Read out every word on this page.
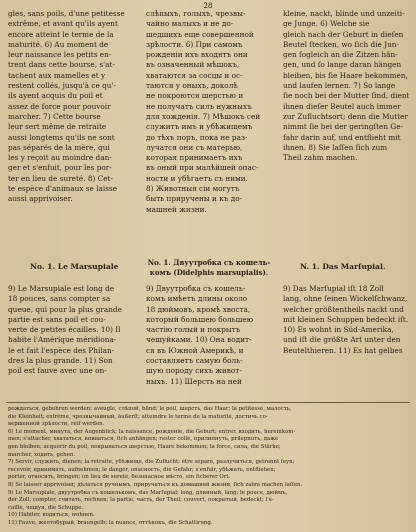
28
gles, sans poils, d'une petitesse
extrême, et avant qu'ils ayent
encore atteint le terme de la
maturité. 6) Au moment de
leur naissance les petits en-
trent dans cette bourse, s'at-
tachent aux mamelles et y
restent collés, jusqu'à ce qu'-
ils ayent acquis du poil et
assez de force pour pouvoir
marcher. 7) Cette bourse
leur sert même de retraite
aussi longtems qu'ils ne sont
pas séparés de la mère, qui
les y reçoit au moindre dan-
ger et s'enfuit, pour les por-
ter en lieu de sureté. 8) Cet-
te espèce d'animaux se laisse
aussi apprivoiser.
слѣпыхъ, голыхъ, чрезвы-
чайно малыхъ и не до-
шедшихъ еще совершенной
зрѣлости. 6) При самомъ
рожденіи ихъ входятъ они
въ означенный мѣшокъ,
хватаются за сосцы и ос-
таются у оныхъ, доколѣ
не покроются шерстью и
не получатъ силъ нужныхъ
для хожденія. 7) Мѣшокъ сей
служитъ имъ и убѣжищемъ
до тѣхъ поръ, пока не раз-
лучатся они съ матерью,
которая принимаетъ ихъ
въ оный при малѣйшей опас-
ности и убѣгаетъ съ ними.
8) Животныя сіи могутъ
быть приручены и къ до-
машней жизни.
kleine, nackt, blinde und unzeiti-
ge Junge. 6) Welche sie
gleich nach der Geburt in dieſen
Beutel ſtecken, wo ſich die Jun-
gen ſogleich an die Zitzen hän-
gen, und ſo lange daran hängen
bleiben, bis ſie Haare bekommen,
und laufen lernen. 7) So lange
ſie noch bei der Mutter ſind, dient
ihnen dieſer Beutel auch immer
zur Zufluchtsort; denn die Mutter
nimmt ſie bei der geringſten Ge-
fahr darin auf, und entflieht mit
ihnen. 8) Sie laſſen ſich zum
Theil zahm machen.
No. 1. Le Marsupiale	No. 1. Двуутробка съ кошель-комъ (Didelphis marsupialis).
N. 1. Das Marſupial.
9) Le Marsupiale est long de
18 pouces, sans compter sa
queue, qui pour la plus grande
partie est sans poil et cou-
verte de petites écailles. 10) Il
habite l'Amérique méridiona-
le et fait l'espèce des Philan-
dres la plus grande. 11) Son
poil est fauve avec une on-
9) Двуутробка съ кошель-
комъ имѣетъ длины около
18 дюймовъ, кромѣ хвоста,
который большею большею
частію голый и покрытъ
чешуйками. 10) Она водит-
ся въ Южной Америкѣ, и
составляетъ самую боль-
шую породу сихъ живот-
ныхъ. 11) Шерсть на ней
9) Das Marſupial iſt 18 Zoll
lang, ohne ſeinen Wickelſchwanz,
welcher größtentheils nackt und
mit kleinen Schuppen bedeckt iſt.
10) Es wohnt in Süd-Amerika,
und iſt die größte Art unter den
Beutelthieren. 11) Es hat gelbes
рождаться, gebohren werden; aveugle, слѣпой, blind; le poil, шерсть, das Haar; la petitesse, малость,
die Kleinheit; extrême, чрезвычайный, äußerſt; atteindre le terme de la maturité, достичь со-
вершенной зрѣлости, reif werden.
6) Le moment, минута, der Augenblick; la naissance, рожденіе, die Geburt; entrer, входить, hereinkom-
men; s'attacher, хвататься, впиваться, ſich anhängen; rester collé, прилипнуть, prilepnuть, даже
gen bleiben; acquérir du poil, покрываться шерстью, Haare bekommen; la force, сила, die Stärke;
marcher, ходить, gehen.
7) Servir, служить, dienen; la retraite, убѣжище, die Zuflucht; être séparé, разлучиться, getrennt ſeyn;
recevoir, принимать, aufnehmen; le danger, опасность, die Gefahr; s'enfuir, убѣжать, entfliehen;
porter, относить, bringen; un lieu de sureté, безопасное мѣсто, ein ſicherer Ort.
8) Se laisser apprivoiser, дѣлаться ручнымъ, приручаться къ домашней жизни, ſich zahm machen laſſen.
9) Le Marsupiale, двуутробка съ кошелькомъ, das Marſupial; long, длинный, lang; le pouce, дюймъ,
der Zoll; compter, считать, rechnen; la partie, часть, der Theil; couvert, покрытый, bedeckt; l'é-
caille, чешуя, die Schuppe.
10) Habiter, водиться, wohnen.
11) Fauve, желтобурый, braungelb; la nuance, оттѣнокъ, die Schattirung.
